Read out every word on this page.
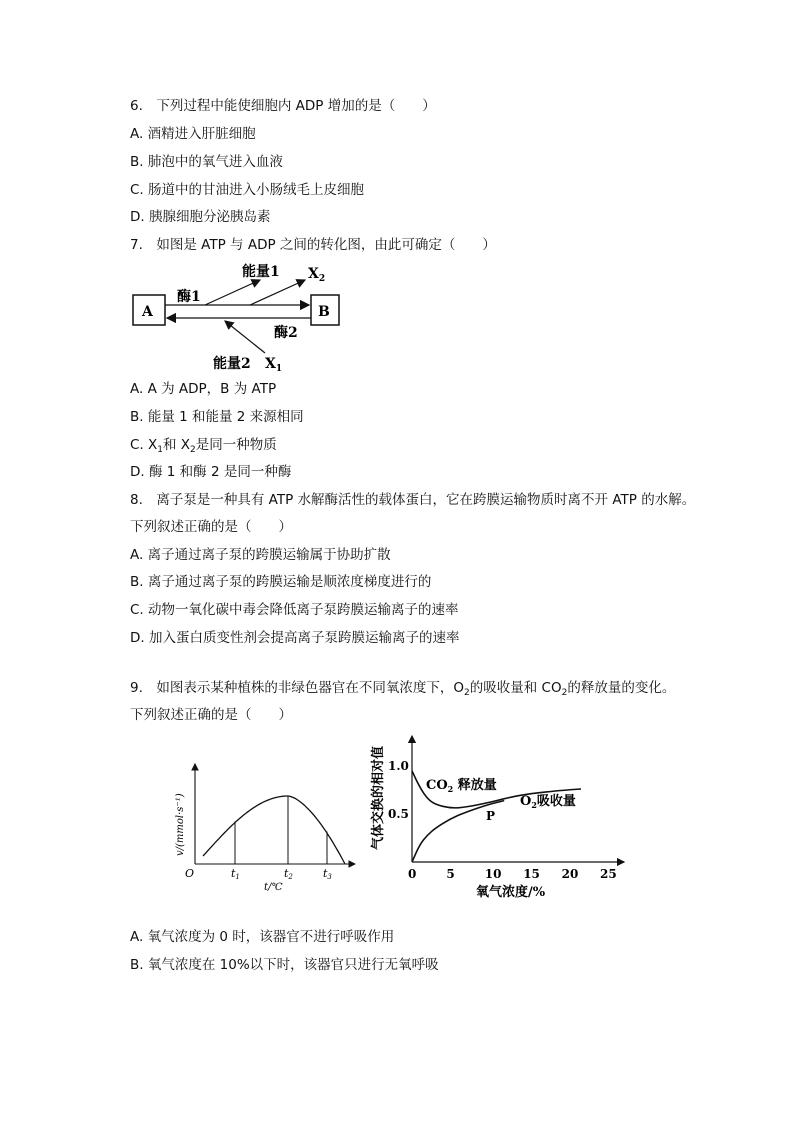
6.　下列过程中能使细胞内 ADP 增加的是（　　）
A. 酒精进入肝脏细胞
B. 肺泡中的氧气进入血液
C. 肠道中的甘油进入小肠绒毛上皮细胞
D. 胰腺细胞分泌胰岛素
7.　如图是 ATP 与 ADP 之间的转化图，由此可确定（　　）
A	B
能量1 $X_2$
酶1
酶2
能量2 $X_1$
A. A 为 ADP，B 为 ATP
B. 能量 1 和能量 2 来源相同
C. $X_1$和 $X_2$是同一种物质
D. 酶 1 和酶 2 是同一种酶
8.　离子泵是一种具有 ATP 水解酶活性的载体蛋白，它在跨膜运输物质时离不开 ATP 的水解。
下列叙述正确的是（　　）
A. 离子通过离子泵的跨膜运输属于协助扩散
B. 离子通过离子泵的跨膜运输是顺浓度梯度进行的
C. 动物一氧化碳中毒会降低离子泵跨膜运输离子的速率
D. 加入蛋白质变性剂会提高离子泵跨膜运输离子的速率
9.　如图表示某种植株的非绿色器官在不同氧浓度下，$O_2$的吸收量和 $CO_2$的释放量的变化。
下列叙述正确的是（　　）
v/(mmol·s⁻¹)
O	t1	t2	t3
t/℃
气体交换的相对值 0.5
1.0
0	5	10 15 20 25
$CO_2$ 释放量
$O_2$吸收量
P
氧气浓度/%
A. 氧气浓度为 0 时，该器官不进行呼吸作用
B. 氧气浓度在 10%以下时，该器官只进行无氧呼吸
